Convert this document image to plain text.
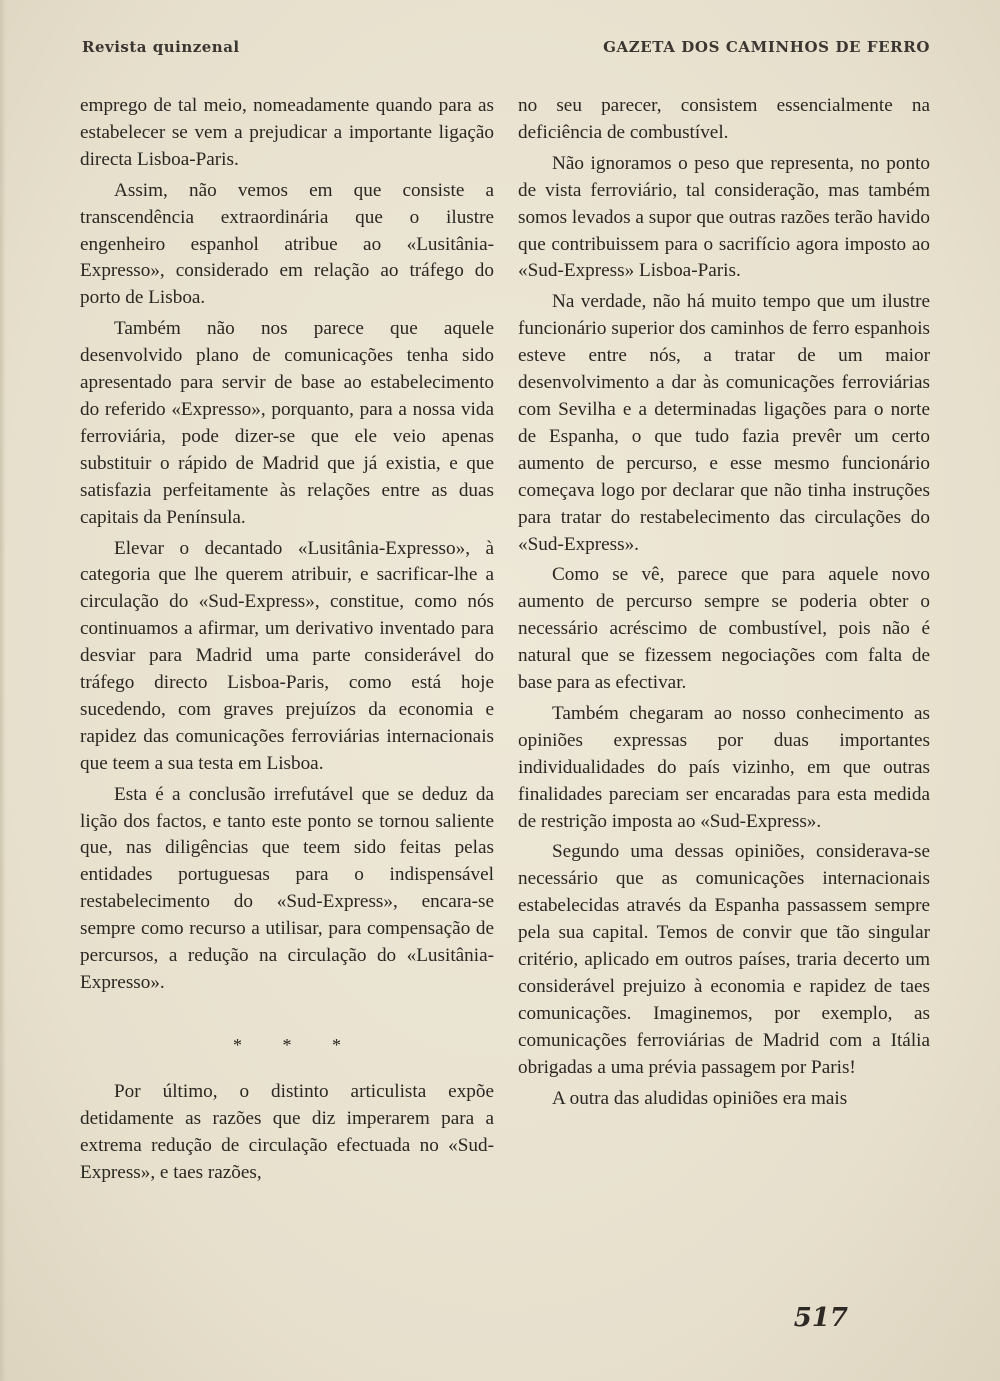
Revista quinzenal	GAZETA DOS CAMINHOS DE FERRO

emprego de tal meio, nomeadamente quando para as estabelecer se vem a prejudicar a importante ligação directa Lisboa-Paris.

Assim, não vemos em que consiste a transcendência extraordinária que o ilustre engenheiro espanhol atribue ao «Lusitânia-Expresso», considerado em relação ao tráfego do porto de Lisboa.

Também não nos parece que aquele desenvolvido plano de comunicações tenha sido apresentado para servir de base ao estabelecimento do referido «Expresso», porquanto, para a nossa vida ferroviária, pode dizer-se que ele veio apenas substituir o rápido de Madrid que já existia, e que satisfazia perfeitamente às relações entre as duas capitais da Península.

Elevar o decantado «Lusitânia-Expresso», à categoria que lhe querem atribuir, e sacrificar-lhe a circulação do «Sud-Express», constitue, como nós continuamos a afirmar, um derivativo inventado para desviar para Madrid uma parte considerável do tráfego directo Lisboa-Paris, como está hoje sucedendo, com graves prejuízos da economia e rapidez das comunicações ferroviárias internacionais que teem a sua testa em Lisboa.

Esta é a conclusão irrefutável que se deduz da lição dos factos, e tanto este ponto se tornou saliente que, nas diligências que teem sido feitas pelas entidades portuguesas para o indispensável restabelecimento do «Sud-Express», encara-se sempre como recurso a utilisar, para compensação de percursos, a redução na circulação do «Lusitânia-Expresso».

* * *

Por último, o distinto articulista expõe detidamente as razões que diz imperarem para a extrema redução de circulação efectuada no «Sud-Express», e taes razões,

no seu parecer, consistem essencialmente na deficiência de combustível.

Não ignoramos o peso que representa, no ponto de vista ferroviário, tal consideração, mas também somos levados a supor que outras razões terão havido que contribuissem para o sacrifício agora imposto ao «Sud-Express» Lisboa-Paris.

Na verdade, não há muito tempo que um ilustre funcionário superior dos caminhos de ferro espanhois esteve entre nós, a tratar de um maior desenvolvimento a dar às comunicações ferroviárias com Sevilha e a determinadas ligações para o norte de Espanha, o que tudo fazia prevêr um certo aumento de percurso, e esse mesmo funcionário começava logo por declarar que não tinha instruções para tratar do restabelecimento das circulações do «Sud-Express».

Como se vê, parece que para aquele novo aumento de percurso sempre se poderia obter o necessário acréscimo de combustível, pois não é natural que se fizessem negociações com falta de base para as efectivar.

Também chegaram ao nosso conhecimento as opiniões expressas por duas importantes individualidades do país vizinho, em que outras finalidades pareciam ser encaradas para esta medida de restrição imposta ao «Sud-Express».

Segundo uma dessas opiniões, considerava-se necessário que as comunicações internacionais estabelecidas através da Espanha passassem sempre pela sua capital. Temos de convir que tão singular critério, aplicado em outros países, traria decerto um considerável prejuizo à economia e rapidez de taes comunicações. Imaginemos, por exemplo, as comunicações ferroviárias de Madrid com a Itália obrigadas a uma prévia passagem por Paris!

A outra das aludidas opiniões era mais

517
